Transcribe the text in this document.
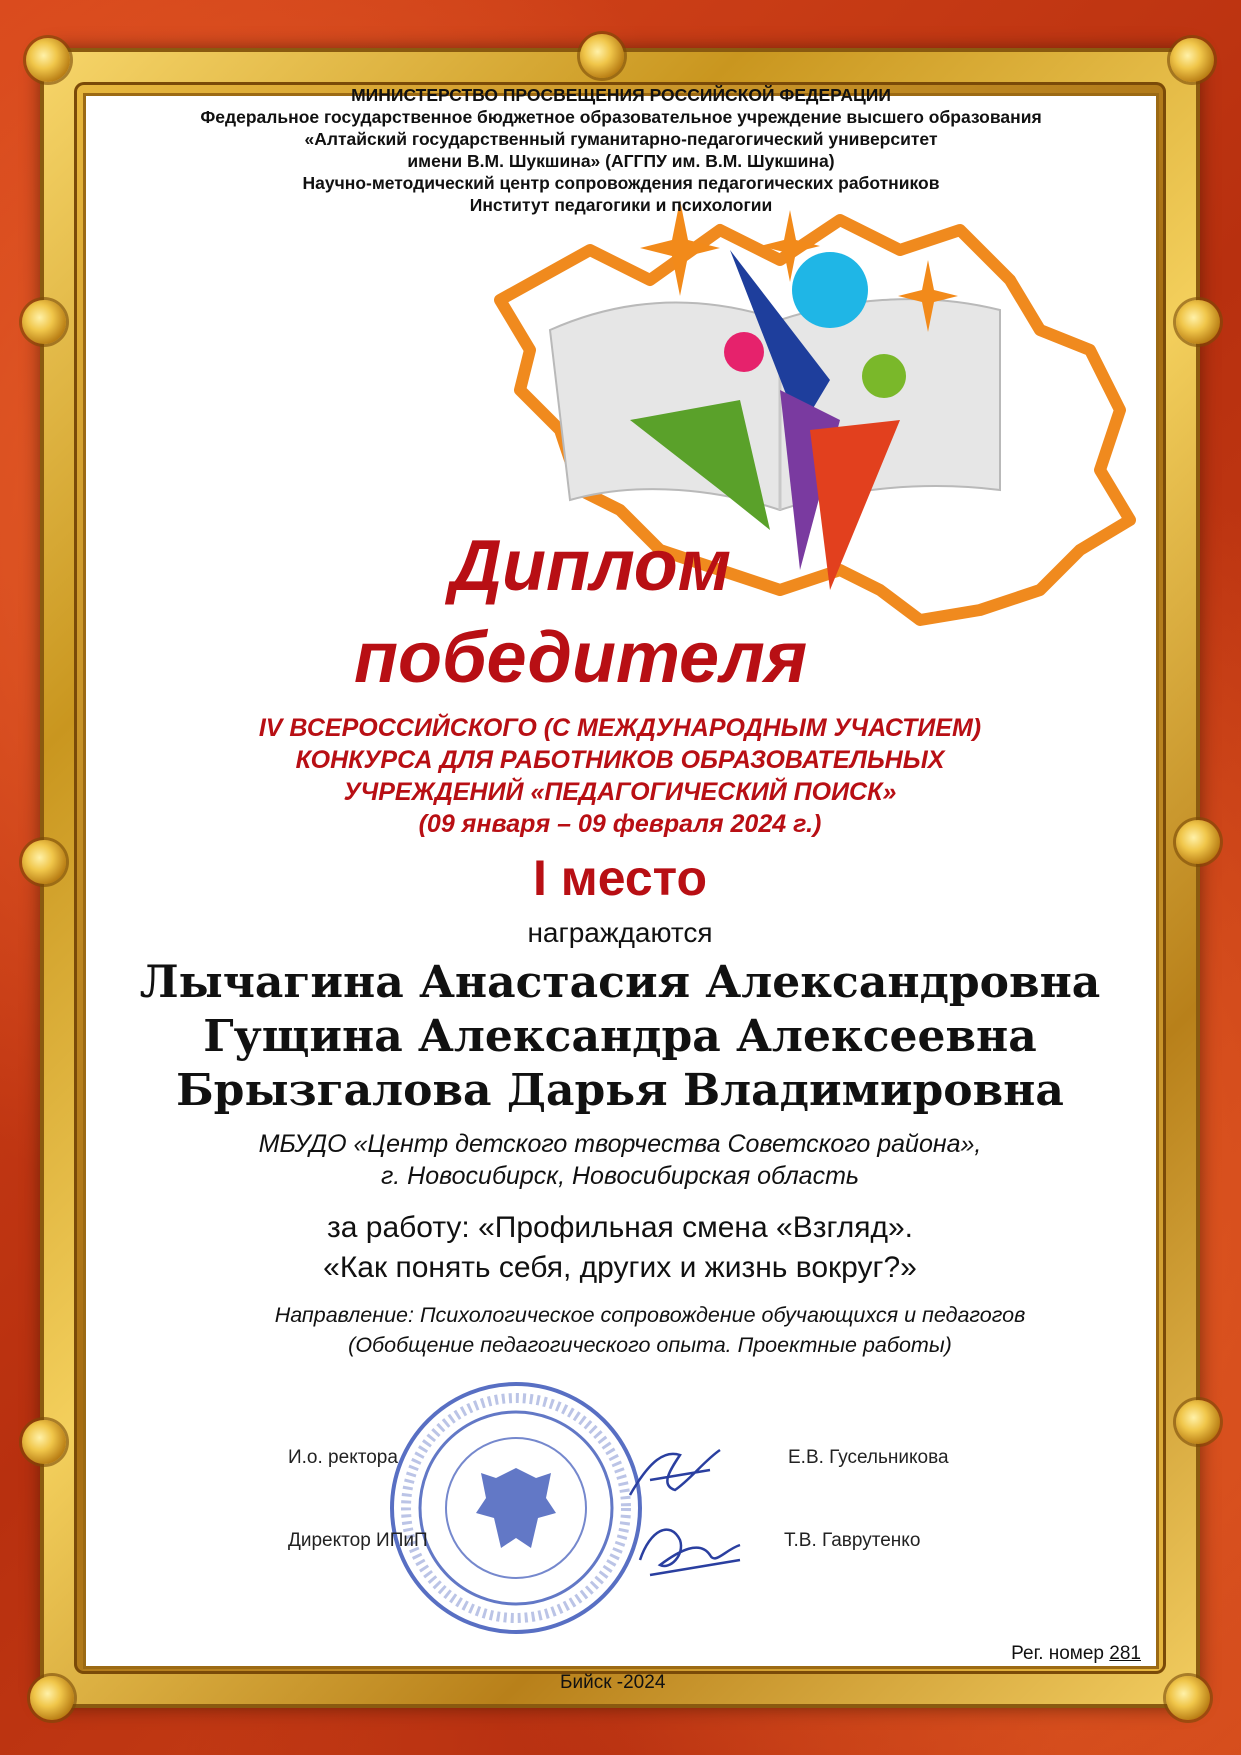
МИНИСТЕРСТВО ПРОСВЕЩЕНИЯ РОССИЙСКОЙ ФЕДЕРАЦИИ
Федеральное государственное бюджетное образовательное учреждение высшего образования
«Алтайский государственный гуманитарно-педагогический университет
имени В.М. Шукшина» (АГГПУ им. В.М. Шукшина)
Научно-методический центр сопровождения педагогических работников
Институт педагогики и психологии
Диплом
победителя
IV ВСЕРОССИЙСКОГО (С МЕЖДУНАРОДНЫМ УЧАСТИЕМ)
КОНКУРСА ДЛЯ РАБОТНИКОВ ОБРАЗОВАТЕЛЬНЫХ
УЧРЕЖДЕНИЙ «ПЕДАГОГИЧЕСКИЙ ПОИСК»
(09 января – 09 февраля 2024 г.)
I место
награждаются
Лычагина Анастасия Александровна
Гущина Александра Алексеевна
Брызгалова Дарья Владимировна
МБУДО «Центр детского творчества Советского района»,
г. Новосибирск, Новосибирская область
за работу: «Профильная смена «Взгляд».
«Как понять себя, других и жизнь вокруг?»
Направление: Психологическое сопровождение обучающихся и педагогов
(Обобщение педагогического опыта. Проектные работы)
И.о. ректора	Е.В. Гусельникова
Директор ИПиП	Т.В. Гаврутенко
Рег. номер 281
Бийск -2024
